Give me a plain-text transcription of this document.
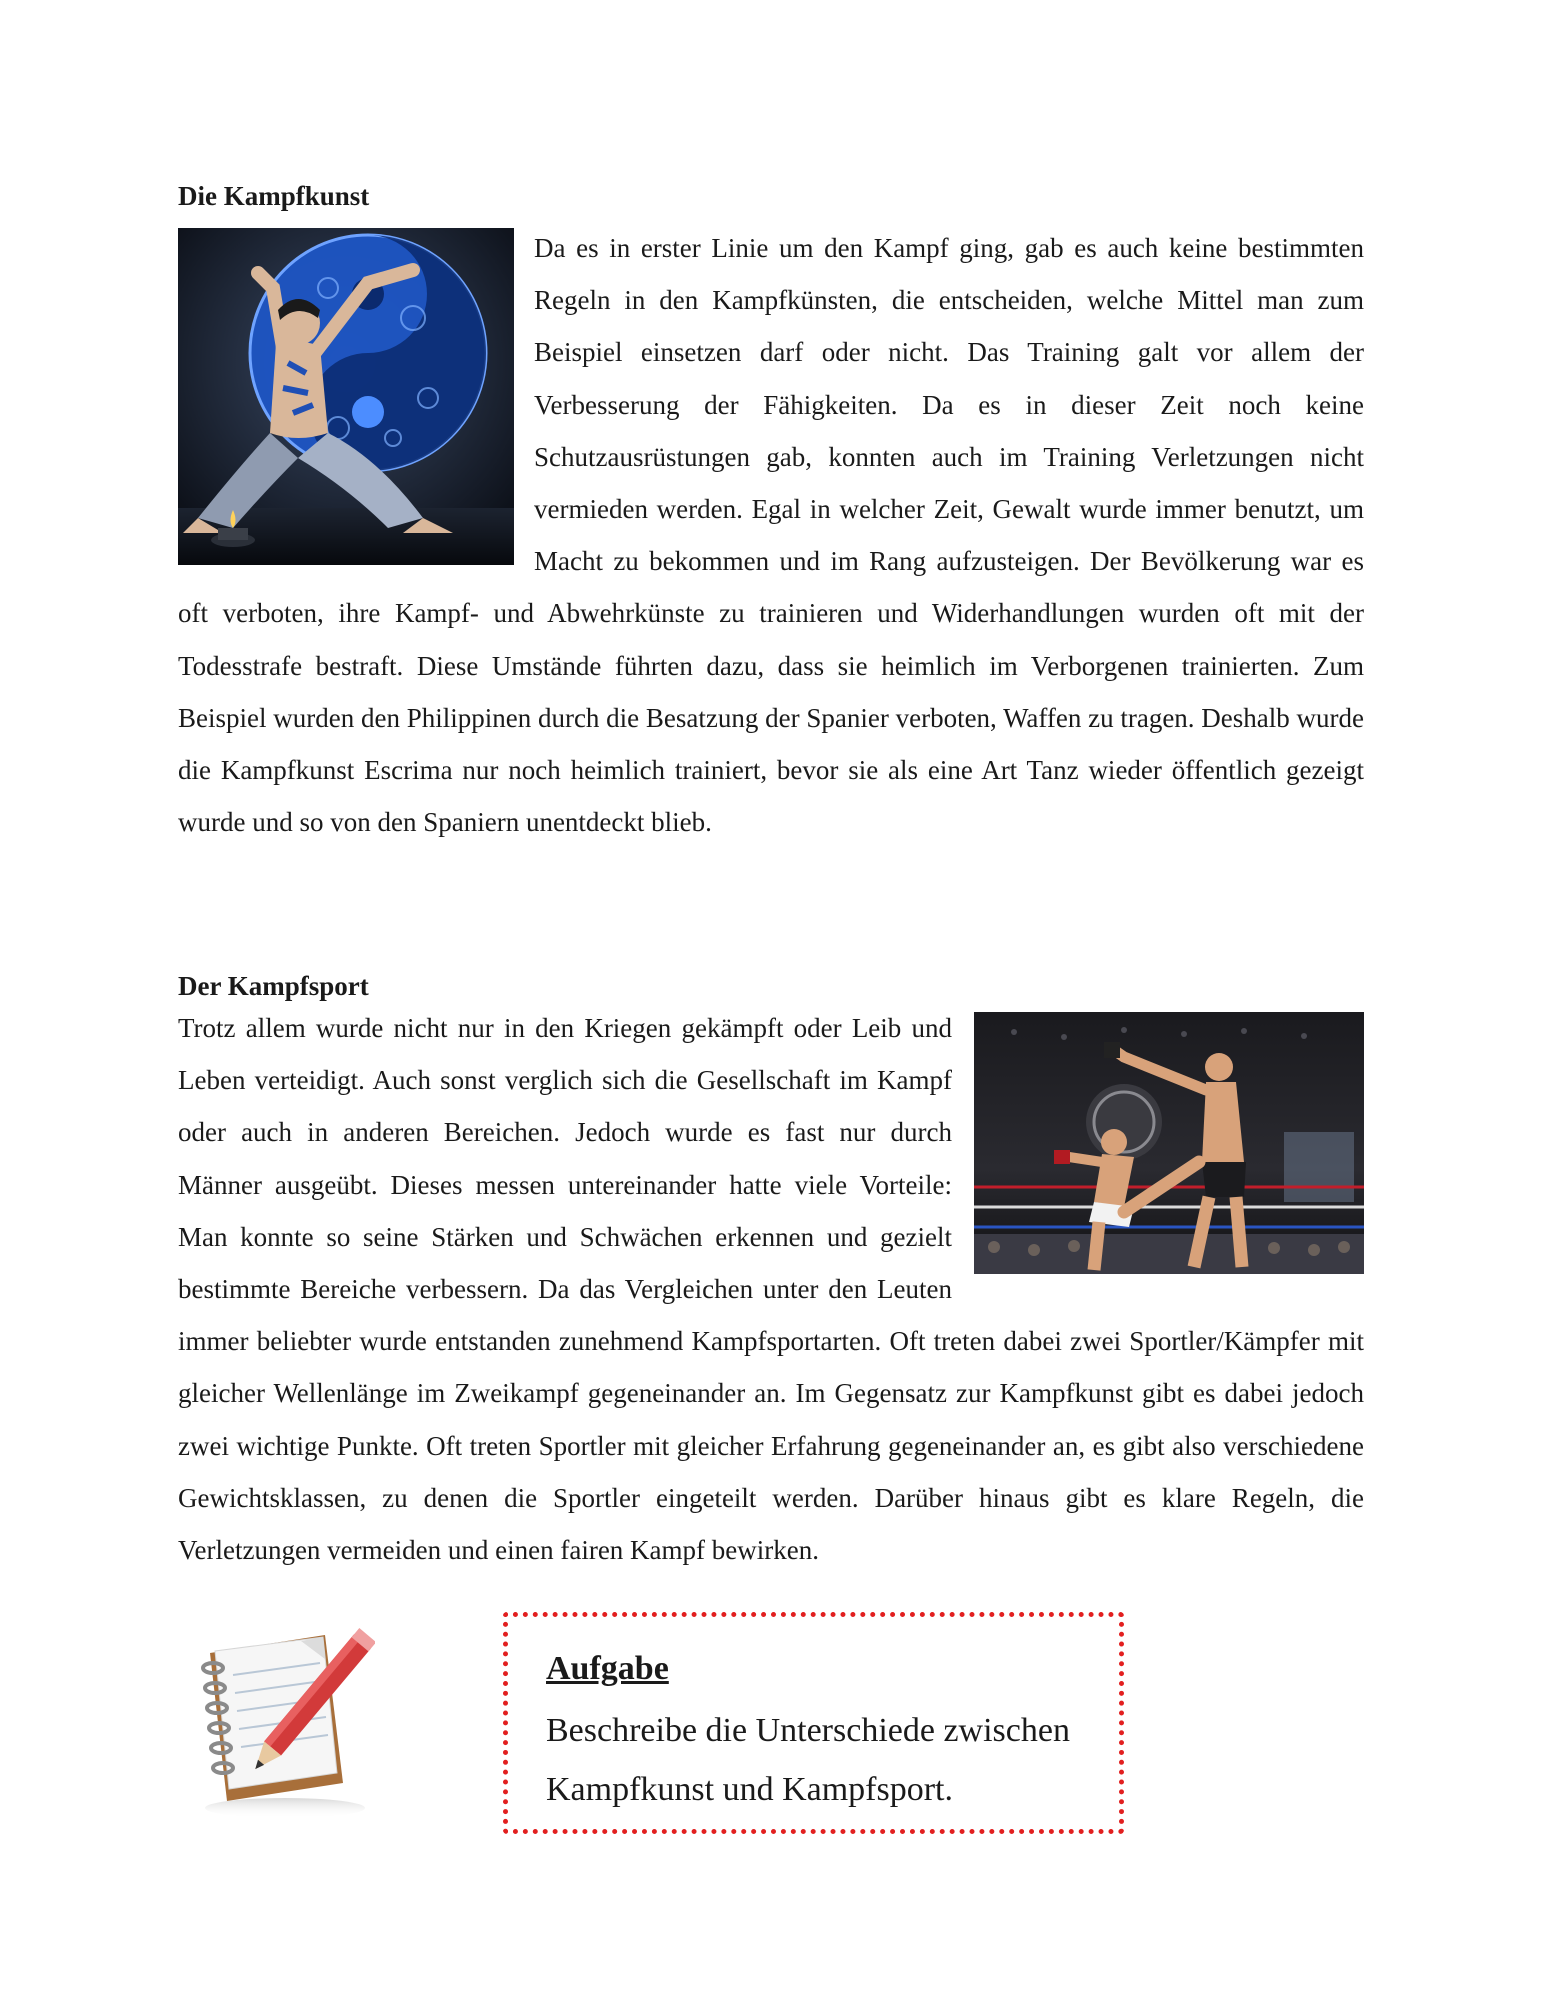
Die Kampfkunst
Da es in erster Linie um den Kampf ging, gab es auch keine bestimmten Regeln in den Kampfkünsten, die entscheiden, welche Mittel man zum Beispiel einsetzen darf oder nicht. Das Training galt vor allem der Verbesserung der Fähigkeiten. Da es in dieser Zeit noch keine Schutzausrüstungen gab, konnten auch im Training Verletzungen nicht vermieden werden. Egal in welcher Zeit, Gewalt wurde immer benutzt, um Macht zu bekommen und im Rang aufzusteigen. Der Bevölkerung war es oft verboten, ihre Kampf- und Abwehrkünste zu trainieren und Widerhandlungen wurden oft mit der Todesstrafe bestraft. Diese Umstände führten dazu, dass sie heimlich im Verborgenen trainierten. Zum Beispiel wurden den Philippinen durch die Besatzung der Spanier verboten, Waffen zu tragen. Deshalb wurde die Kampfkunst Escrima nur noch heimlich trainiert, bevor sie als eine Art Tanz wieder öffentlich gezeigt wurde und so von den Spaniern unentdeckt blieb.
Der Kampfsport
Trotz allem wurde nicht nur in den Kriegen gekämpft oder Leib und Leben verteidigt. Auch sonst verglich sich die Gesellschaft im Kampf oder auch in anderen Bereichen. Jedoch wurde es fast nur durch Männer ausgeübt. Dieses messen untereinander hatte viele Vorteile: Man konnte so seine Stärken und Schwächen erkennen und gezielt bestimmte Bereiche verbessern. Da das Vergleichen unter den Leuten immer beliebter wurde entstanden zunehmend Kampfsportarten. Oft treten dabei zwei Sportler/Kämpfer mit gleicher Wellenlänge im Zweikampf gegeneinander an. Im Gegensatz zur Kampfkunst gibt es dabei jedoch zwei wichtige Punkte. Oft treten Sportler mit gleicher Erfahrung gegeneinander an, es gibt also verschiedene Gewichtsklassen, zu denen die Sportler eingeteilt werden. Darüber hinaus gibt es klare Regeln, die Verletzungen vermeiden und einen fairen Kampf bewirken.
Aufgabe
Beschreibe die Unterschiede zwischen Kampfkunst und Kampfsport.
